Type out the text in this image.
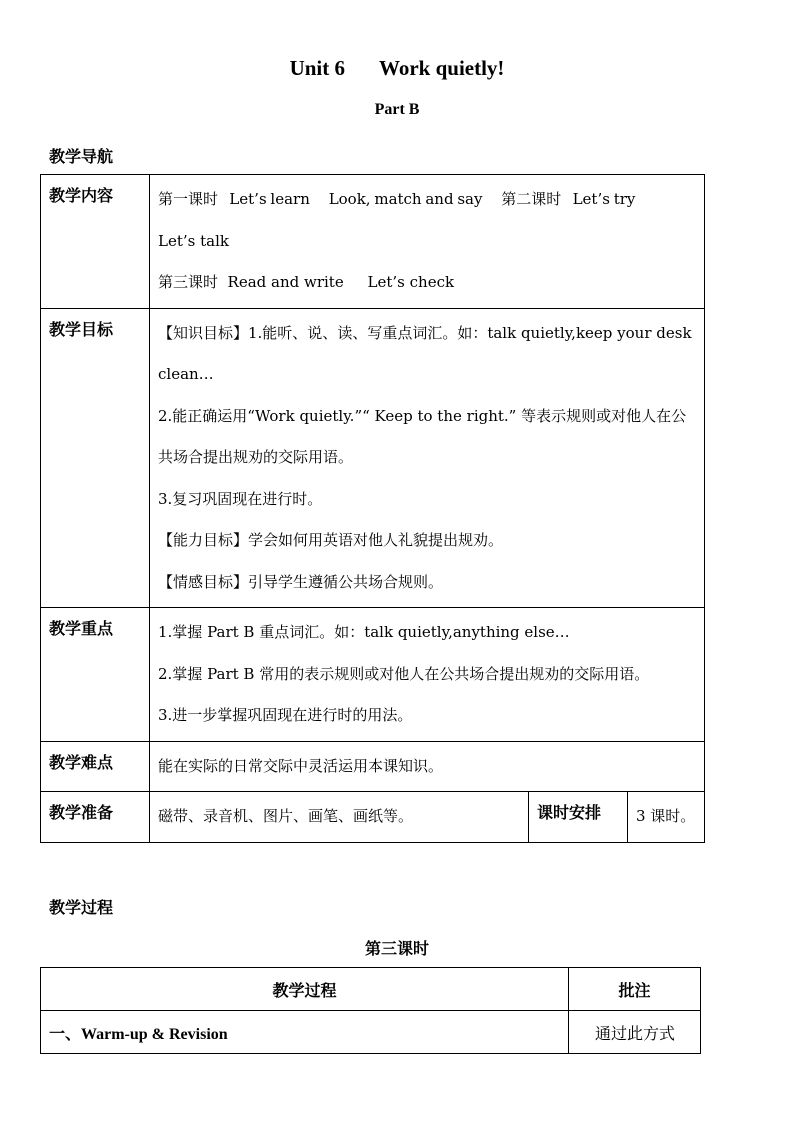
Unit 6 Work quietly!
Part B
教学导航
教学内容	第一课时   Let’s learn     Look, match and say     第二课时   Let’s try

Let’s talk

第三课时  Read and write     Let’s check		

教学目标	【知识目标】1.能听、说、读、写重点词汇。如：talk quietly,keep your desk clean…

2.能正确运用“Work quietly.”“ Keep to the right.” 等表示规则或对他人在公共场合提出规劝的交际用语。

3.复习巩固现在进行时。

【能力目标】学会如何用英语对他人礼貌提出规劝。

【情感目标】引导学生遵循公共场合规则。		

教学重点	1.掌握 Part B 重点词汇。如：talk quietly,anything else…

2.掌握 Part B 常用的表示规则或对他人在公共场合提出规劝的交际用语。

3.进一步掌握巩固现在进行时的用法。		

教学难点	能在实际的日常交际中灵活运用本课知识。		
教学准备	磁带、录音机、图片、画笔、画纸等。	课时安排	3 课时。
教学过程
第三课时
教学过程	批注
一、Warm-up & Revision	通过此方式
